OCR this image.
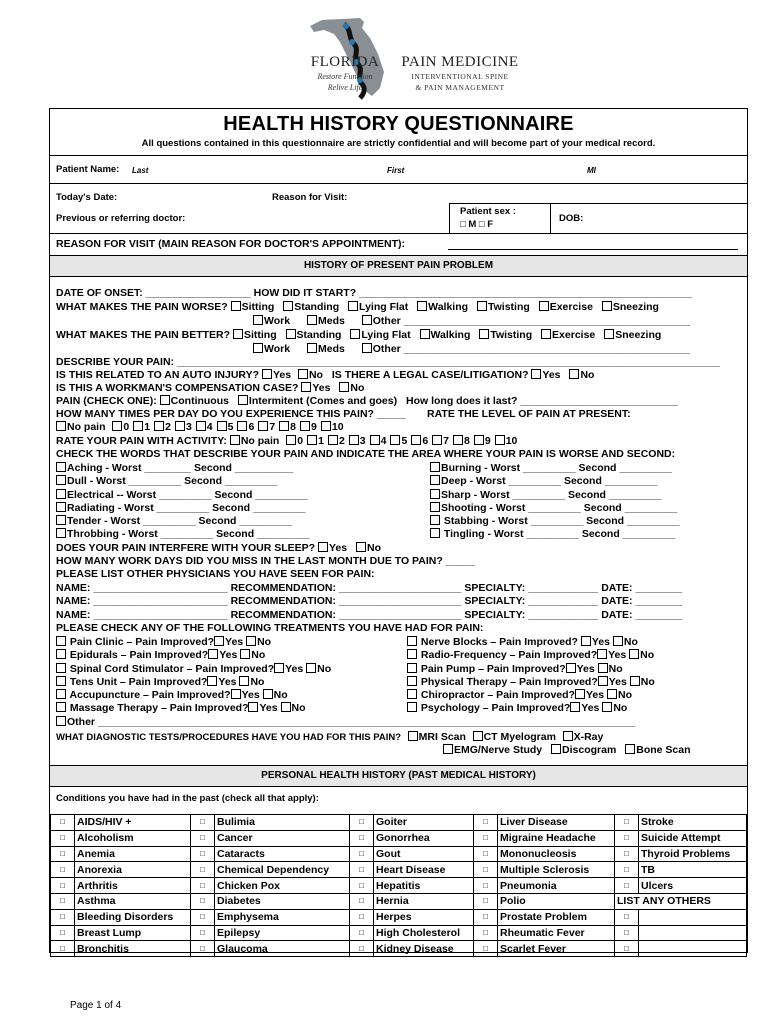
FLORIDA
Restore Function
Relive Life
PAIN MEDICINE
INTERVENTIONAL SPINE
& PAIN MANAGEMENT
HEALTH HISTORY QUESTIONNAIRE
All questions contained in this questionnaire are strictly confidential and will become part of your medical record.
Patient Name: Last	First	MI
Today's Date:	Reason for Visit:
Previous or referring doctor:
Patient sex :
□ M □ F
DOB:
REASON FOR VISIT (MAIN REASON FOR DOCTOR'S APPOINTMENT):
HISTORY OF PRESENT PAIN PROBLEM
DATE OF ONSET: __________________ HOW DID IT START? _________________________________________________________
WHAT MAKES THE PAIN WORSE? Sitting Standing Lying Flat Walking Twisting Exercise Sneezing
Work	Meds	Other _________________________________________________
WHAT MAKES THE PAIN BETTER? Sitting Standing Lying Flat Walking Twisting Exercise Sneezing
Work	Meds	Other _________________________________________________
DESCRIBE YOUR PAIN: _____________________________________________________________________________________________
IS THIS RELATED TO AN AUTO INJURY? Yes No IS THERE A LEGAL CASE/LITIGATION? Yes No
IS THIS A WORKMAN'S COMPENSATION CASE? Yes No
PAIN (CHECK ONE): Continuous Intermitent (Comes and goes) How long does it last? ___________________________
HOW MANY TIMES PER DAY DO YOU EXPERIENCE THIS PAIN? _____ RATE THE LEVEL OF PAIN AT PRESENT:
No pain 0 1 2 3 4 5 6 7 8 9 10
RATE YOUR PAIN WITH ACTIVITY: No pain 0 1 2 3 4 5 6 7 8 9 10
CHECK THE WORDS THAT DESCRIBE YOUR PAIN AND INDICATE THE AREA WHERE YOUR PAIN IS WORSE AND SECOND:
Aching - Worst ________ Second __________
Dull - Worst _________ Second _________
Electrical -- Worst _________ Second _________
Radiating - Worst _________ Second _________
Tender - Worst _________ Second _________
Throbbing - Worst _________ Second _________
Burning - Worst _________ Second _________
Deep - Worst _________ Second _________
Sharp - Worst _________ Second _________
Shooting - Worst _________ Second _________
Stabbing - Worst _________ Second _________
Tingling - Worst _________ Second _________
DOES YOUR PAIN INTERFERE WITH YOUR SLEEP? Yes No
HOW MANY WORK DAYS DID YOU MISS IN THE LAST MONTH DUE TO PAIN? _____
PLEASE LIST OTHER PHYSICIANS YOU HAVE SEEN FOR PAIN:
NAME: _______________________ RECOMMENDATION: _____________________ SPECIALTY: ____________ DATE: ________
NAME: _______________________ RECOMMENDATION: _____________________ SPECIALTY: ____________ DATE: ________
NAME: _______________________ RECOMMENDATION: _____________________ SPECIALTY: ____________ DATE: ________
PLEASE CHECK ANY OF THE FOLLOWING TREATMENTS YOU HAVE HAD FOR PAIN:
Pain Clinic – Pain Improved? Yes No
Epidurals – Pain Improved? Yes No
Spinal Cord Stimulator – Pain Improved? Yes No
Tens Unit – Pain Improved? Yes No
Accupuncture – Pain Improved? Yes No
Massage Therapy – Pain Improved? Yes No
Other ____________________________________________________________________________________________
Nerve Blocks – Pain Improved? Yes No
Radio-Frequency – Pain Improved? Yes No
Pain Pump – Pain Improved? Yes No
Physical Therapy – Pain Improved? Yes No
Chiropractor – Pain Improved? Yes No
Psychology – Pain Improved? Yes No
WHAT DIAGNOSTIC TESTS/PROCEDURES HAVE YOU HAD FOR THIS PAIN? MRI Scan CT Myelogram X-Ray
EMG/Nerve Study Discogram Bone Scan
PERSONAL HEALTH HISTORY (PAST MEDICAL HISTORY)
Conditions you have had in the past (check all that apply):
□	AIDS/HIV +	□	Bulimia	□	Goiter	□	Liver Disease	□	Stroke
□	Alcoholism	□	Cancer	□	Gonorrhea	□	Migraine Headache	□	Suicide Attempt
□	Anemia	□	Cataracts	□	Gout	□	Mononucleosis	□	Thyroid Problems
□	Anorexia	□	Chemical Dependency	□	Heart Disease	□	Multiple Sclerosis	□	TB
□	Arthritis	□	Chicken Pox	□	Hepatitis	□	Pneumonia	□	Ulcers
□	Asthma	□	Diabetes	□	Hernia	□	Polio	LIST ANY OTHERS	
□	Bleeding Disorders	□	Emphysema	□	Herpes	□	Prostate Problem	□	
□	Breast Lump	□	Epilepsy	□	High Cholesterol	□	Rheumatic Fever	□	
□	Bronchitis	□	Glaucoma	□	Kidney Disease	□	Scarlet Fever	□	
Page 1 of 4
